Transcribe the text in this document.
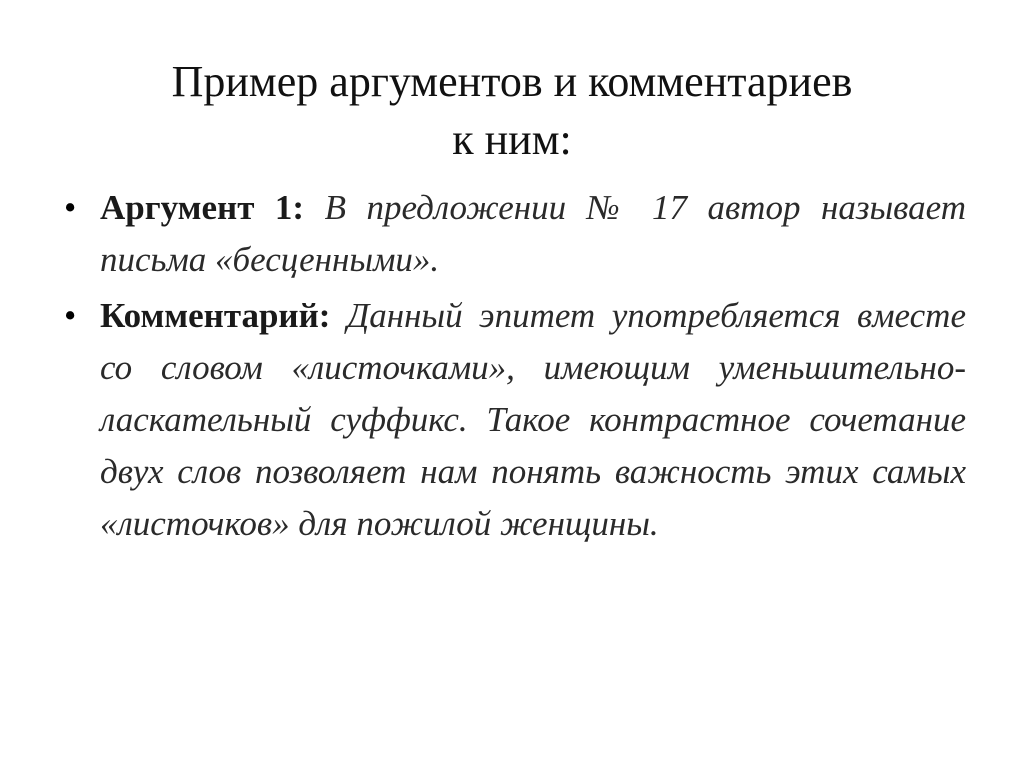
Пример аргументов и комментариев
к ним:
• Аргумент 1: В предложении № 17 автор называет письма «бесценными».
• Комментарий: Данный эпитет употребляется вместе со словом «листочками», имеющим уменьшительно-ласкательный суффикс. Такое контрастное сочетание двух слов позволяет нам понять важность этих самых «листочков» для пожилой женщины.
